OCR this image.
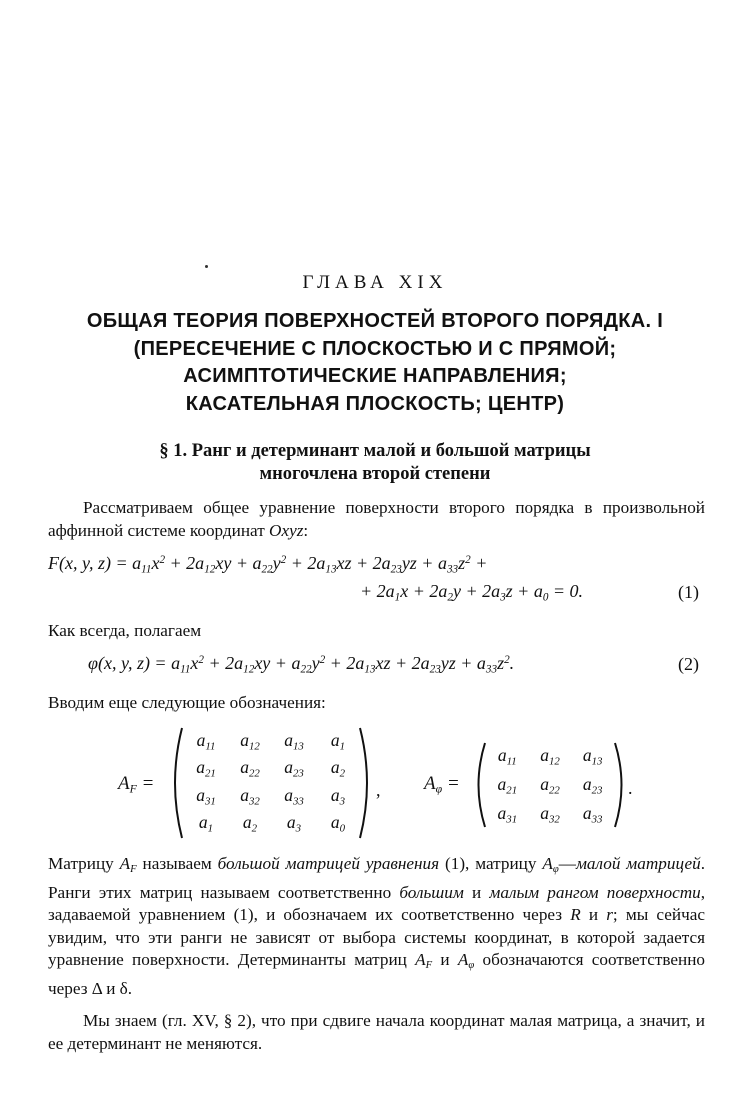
ГЛАВА XIX
ОБЩАЯ ТЕОРИЯ ПОВЕРХНОСТЕЙ ВТОРОГО ПОРЯДКА. I
(ПЕРЕСЕЧЕНИЕ С ПЛОСКОСТЬЮ И С ПРЯМОЙ;
АСИМПТОТИЧЕСКИЕ НАПРАВЛЕНИЯ;
КАСАТЕЛЬНАЯ ПЛОСКОСТЬ; ЦЕНТР)
§ 1. Ранг и детерминант малой и большой матрицы
многочлена второй степени

Рассматриваем общее уравнение поверхности второго порядка в произвольной аффинной системе координат Oxyz:

F(x, y, $z) = a_{11}x^2 + 2a_{12}xy + a_{22}y^2 + 2a_{13}xz + 2a_{23}yz + a_{33}z^2$ +
+ $2a_1x + 2a_2y + 2a_3z + a_0 = 0$.	(1)
Как всегда, полагаем
φ(x, y, $z) = a_{11}x^2 + 2a_{12}xy + a_{22}y^2 + 2a_{13}xz + 2a_{23}yz + a_{33}z^2$.	(2)
Вводим еще следующие обозначения:
$A_F$ =
$a_{11}$	$a_{12}$	$a_{13}$	$a_1$
$a_{21}$	$a_{22}$	$a_{23}$	$a_2$
$a_{31}$	$a_{32}$	$a_{33}$	$a_3$
$a_1$	$a_2$	$a_3$	$a_0$
, $A_\varphi$ =
$a_{11}$	$a_{12}$	$a_{13}$
$a_{21}$	$a_{22}$	$a_{23}$
$a_{31}$	$a_{32}$	$a_{33}$
.

Матрицу $A_F$ называем большой матрицей уравнения (1), матрицу $A_\varphi—малой$ матрицей. Ранги этих матриц называем соответственно большим и малым рангом поверхности, задаваемой уравнением (1), и обозначаем их соответственно через R и r; мы сейчас увидим, что эти ранги не зависят от выбора системы координат, в которой задается уравнение поверхности. Детерминанты матриц $A_F$ и $A_\varphi$ обозначаются соответственно через Δ и δ.

Мы знаем (гл. XV, § 2), что при сдвиге начала координат малая матрица, а значит, и ее детерминант не меняются.
